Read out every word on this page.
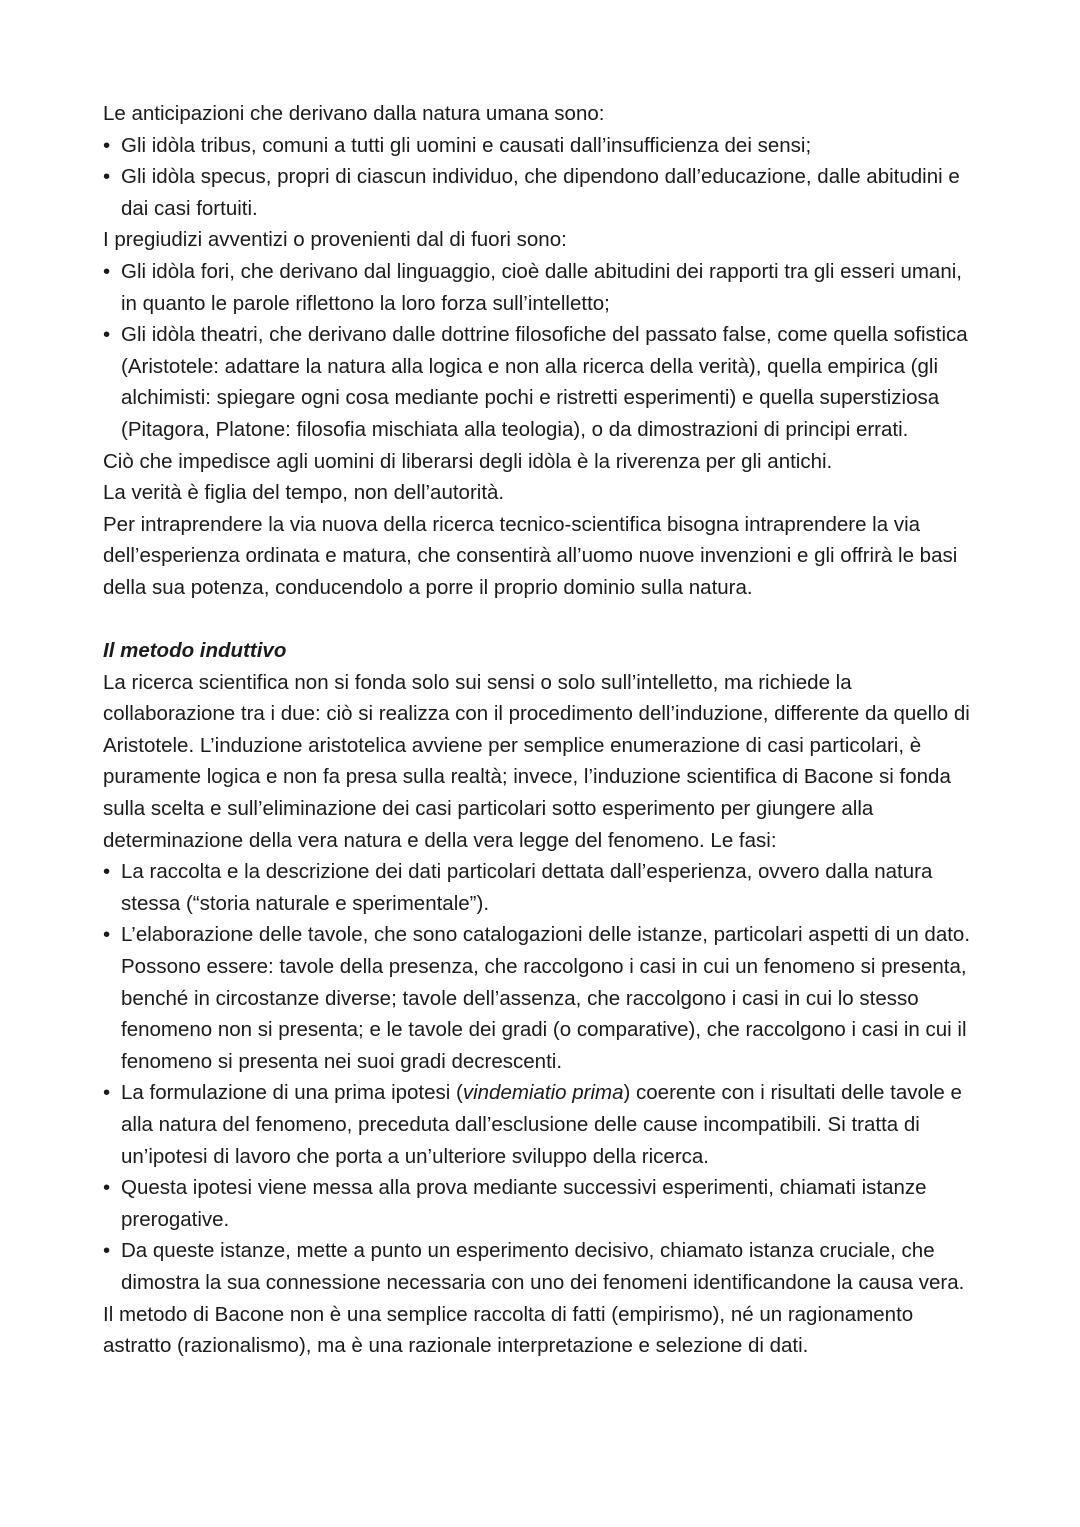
Le anticipazioni che derivano dalla natura umana sono:

• Gli idòla tribus, comuni a tutti gli uomini e causati dall’insufficienza dei sensi;
• Gli idòla specus, propri di ciascun individuo, che dipendono dall’educazione, dalle abitudini e dai casi fortuiti.

I pregiudizi avventizi o provenienti dal di fuori sono:

• Gli idòla fori, che derivano dal linguaggio, cioè dalle abitudini dei rapporti tra gli esseri umani, in quanto le parole riflettono la loro forza sull’intelletto;
• Gli idòla theatri, che derivano dalle dottrine filosofiche del passato false, come quella sofistica (Aristotele: adattare la natura alla logica e non alla ricerca della verità), quella empirica (gli alchimisti: spiegare ogni cosa mediante pochi e ristretti esperimenti) e quella superstiziosa (Pitagora, Platone: filosofia mischiata alla teologia), o da dimostrazioni di principi errati.

Ciò che impedisce agli uomini di liberarsi degli idòla è la riverenza per gli antichi.

La verità è figlia del tempo, non dell’autorità.

Per intraprendere la via nuova della ricerca tecnico-scientifica bisogna intraprendere la via dell’esperienza ordinata e matura, che consentirà all’uomo nuove invenzioni e gli offrirà le basi della sua potenza, conducendolo a porre il proprio dominio sulla natura.

Il metodo induttivo

La ricerca scientifica non si fonda solo sui sensi o solo sull’intelletto, ma richiede la collaborazione tra i due: ciò si realizza con il procedimento dell’induzione, differente da quello di Aristotele. L’induzione aristotelica avviene per semplice enumerazione di casi particolari, è puramente logica e non fa presa sulla realtà; invece, l’induzione scientifica di Bacone si fonda sulla scelta e sull’eliminazione dei casi particolari sotto esperimento per giungere alla determinazione della vera natura e della vera legge del fenomeno. Le fasi:

• La raccolta e la descrizione dei dati particolari dettata dall’esperienza, ovvero dalla natura stessa (“storia naturale e sperimentale”).
• L’elaborazione delle tavole, che sono catalogazioni delle istanze, particolari aspetti di un dato. Possono essere: tavole della presenza, che raccolgono i casi in cui un fenomeno si presenta, benché in circostanze diverse; tavole dell’assenza, che raccolgono i casi in cui lo stesso fenomeno non si presenta; e le tavole dei gradi (o comparative), che raccolgono i casi in cui il fenomeno si presenta nei suoi gradi decrescenti.
• La formulazione di una prima ipotesi (vindemiatio prima) coerente con i risultati delle tavole e alla natura del fenomeno, preceduta dall’esclusione delle cause incompatibili. Si tratta di un’ipotesi di lavoro che porta a un’ulteriore sviluppo della ricerca.
• Questa ipotesi viene messa alla prova mediante successivi esperimenti, chiamati istanze prerogative.
• Da queste istanze, mette a punto un esperimento decisivo, chiamato istanza cruciale, che dimostra la sua connessione necessaria con uno dei fenomeni identificandone la causa vera.

Il metodo di Bacone non è una semplice raccolta di fatti (empirismo), né un ragionamento astratto (razionalismo), ma è una razionale interpretazione e selezione di dati.
